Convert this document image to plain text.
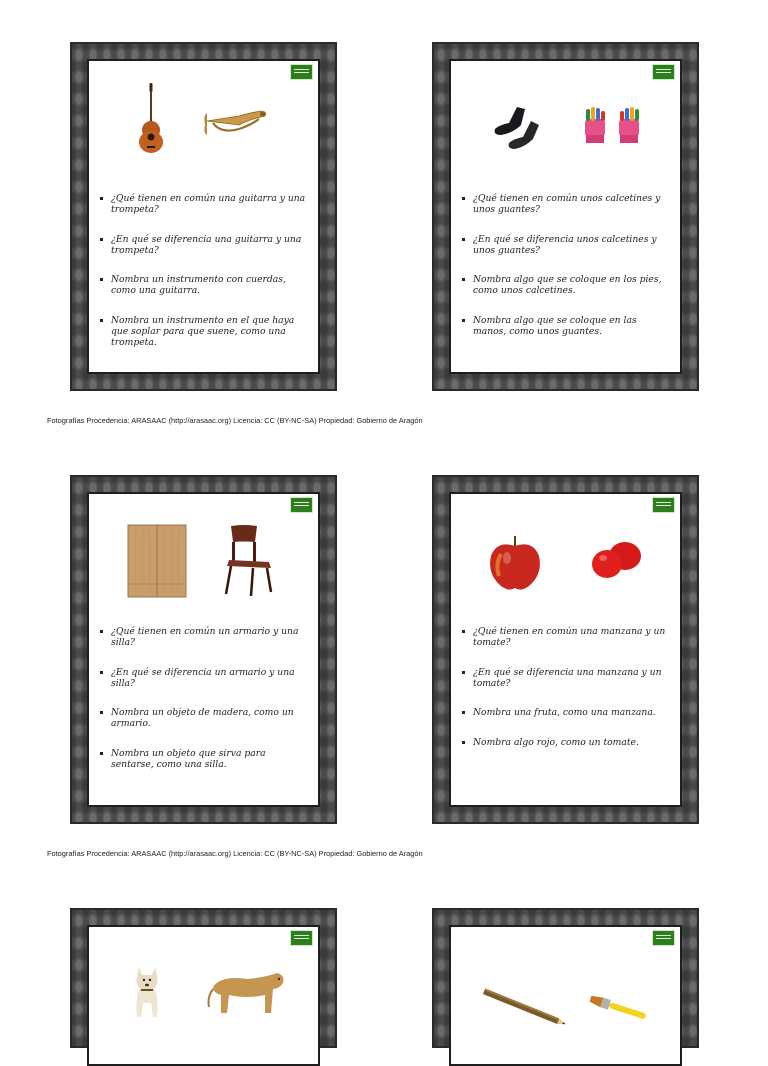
¿Qué tienen en común una guitarra y una trompeta?
¿En qué se diferencia una guitarra y una trompeta?
Nombra un instrumento con cuerdas, como una guitarra.
Nombra un instrumento en el que haya que soplar para que suene, como una trompeta.
¿Qué tienen en común unos calcetines y unos guantes?
¿En qué se diferencia unos calcetines y unos guantes?
Nombra algo que se coloque en los pies, como unos calcetines.
Nombra algo que se coloque en las manos, como unos guantes.
Fotografías Procedencia: ARASAAC (http://arasaac.org) Licencia: CC (BY-NC-SA) Propiedad: Gobierno de Aragón
¿Qué tienen en común un armario y una silla?
¿En qué se diferencia un armario y una silla?
Nombra un objeto de madera, como un armario.
Nombra un objeto que sirva para sentarse, como una silla.
¿Qué tienen en común una manzana y un tomate?
¿En qué se diferencia una manzana y un tomate?
Nombra una fruta, como una manzana.
Nombra algo rojo, como un tomate.
Fotografías Procedencia: ARASAAC (http://arasaac.org) Licencia: CC (BY-NC-SA) Propiedad: Gobierno de Aragón
